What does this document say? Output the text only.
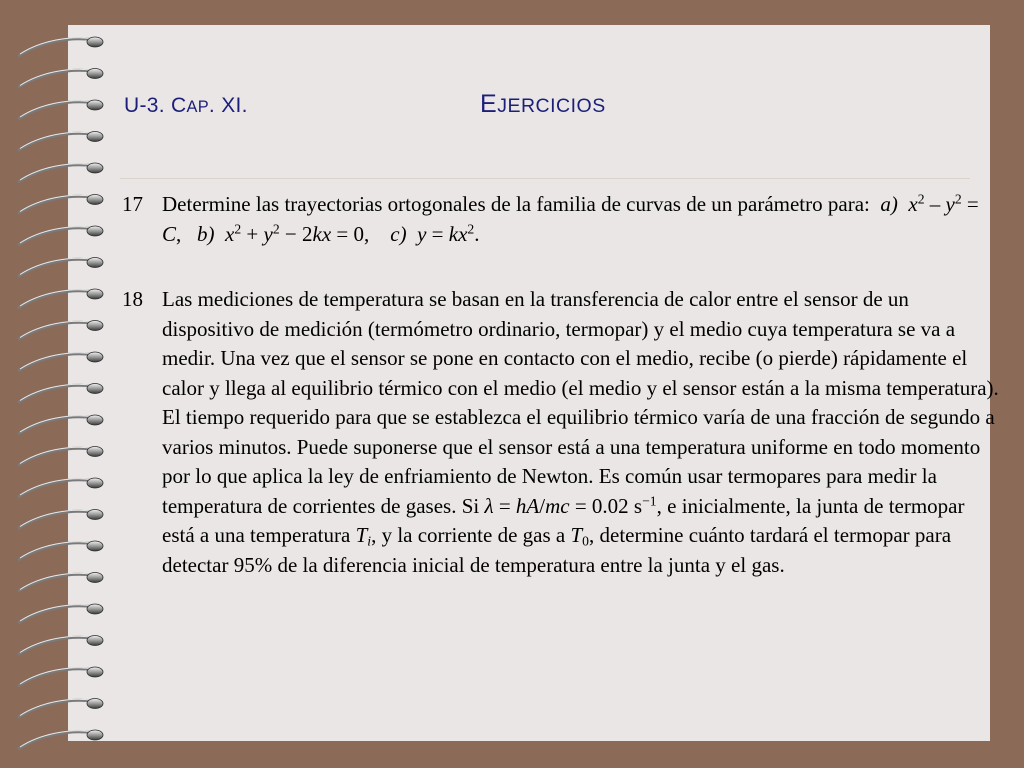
U-3. CAP. XI.	EJERCICIOS
17 Determine las trayectorias ortogonales de la familia de curvas de un parámetro para: a) $x^2 - y^2 = C$,   b) $x^2 + y^2 - 2kx = 0$,    c) $y = kx^2$.
18 Las mediciones de temperatura se basan en la transferencia de calor entre el sensor de un dispositivo de medición (termómetro ordinario, termopar) y el medio cuya temperatura se va a medir. Una vez que el sensor se pone en contacto con el medio, recibe (o pierde) rápidamente el calor y llega al equilibrio térmico con el medio (el medio y el sensor están a la misma temperatura).

El tiempo requerido para que se establezca el equilibrio térmico varía de una fracción de segundo a varios minutos. Puede suponerse que el sensor está a una temperatura uniforme en todo momento por lo que aplica la ley de enfriamiento de Newton. Es común usar termopares para medir la temperatura de corrientes de gases. Si λ = hA/mc = 0.02 $s^{-1}$, e inicialmente, la junta de termopar está a una temperatura $T_i$, y la corriente de gas a $T_0$, determine cuánto tardará el termopar para detectar 95% de la diferencia inicial de temperatura entre la junta y el gas.
